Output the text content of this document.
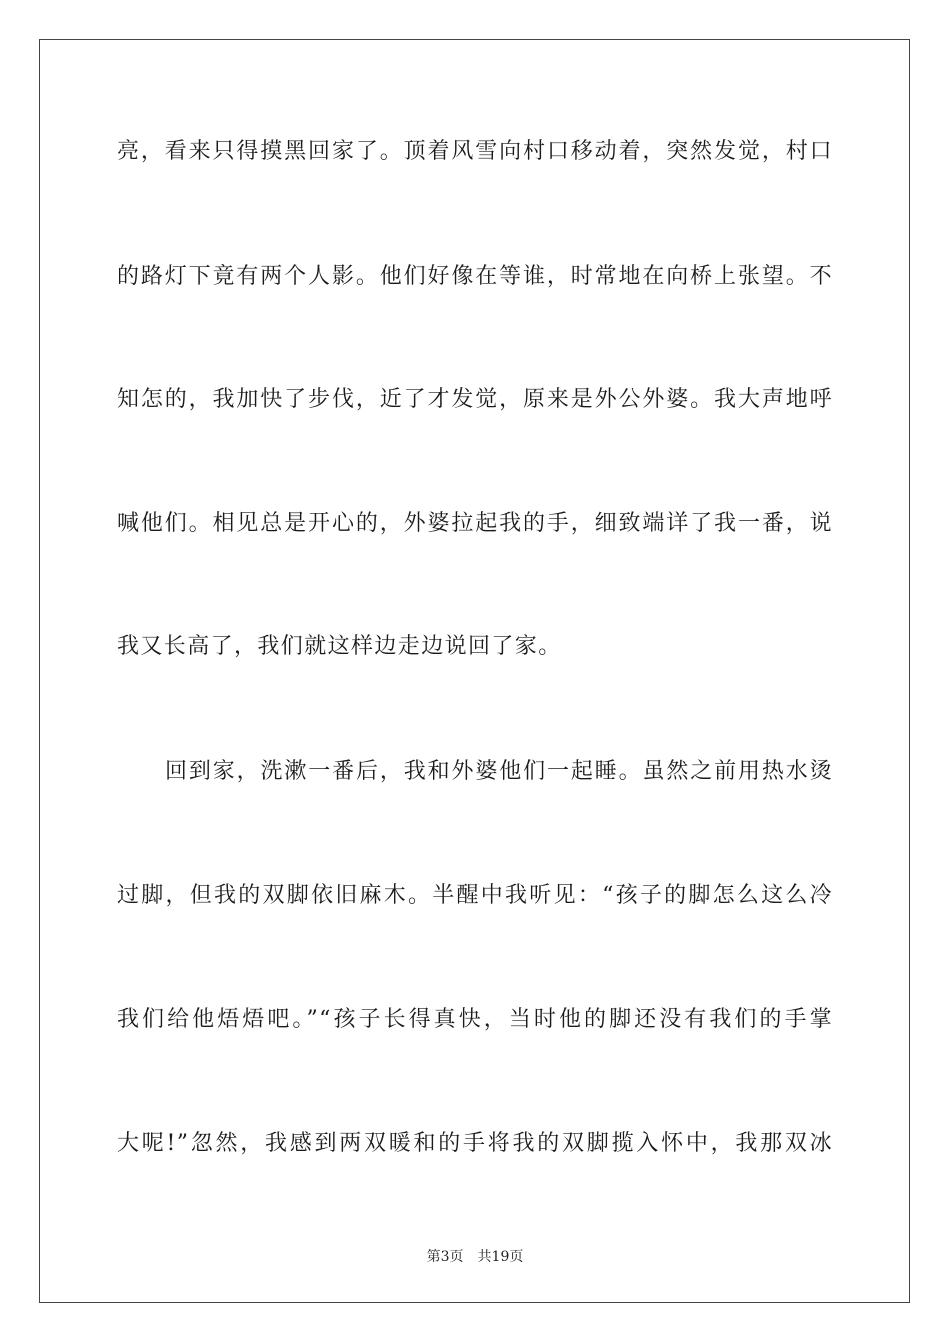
亮，看来只得摸黑回家了。顶着风雪向村口移动着，突然发觉，村口
的路灯下竟有两个人影。他们好像在等谁，时常地在向桥上张望。不
知怎的，我加快了步伐，近了才发觉，原来是外公外婆。我大声地呼
喊他们。相见总是开心的，外婆拉起我的手，细致端详了我一番，说
我又长高了，我们就这样边走边说回了家。
回到家，洗漱一番后，我和外婆他们一起睡。虽然之前用热水烫
过脚，但我的双脚依旧麻木。半醒中我听见：“孩子的脚怎么这么冷
我们给他焐焐吧。”“孩子长得真快，当时他的脚还没有我们的手掌
大呢!”忽然，我感到两双暖和的手将我的双脚揽入怀中，我那双冰
第3页 共19页
